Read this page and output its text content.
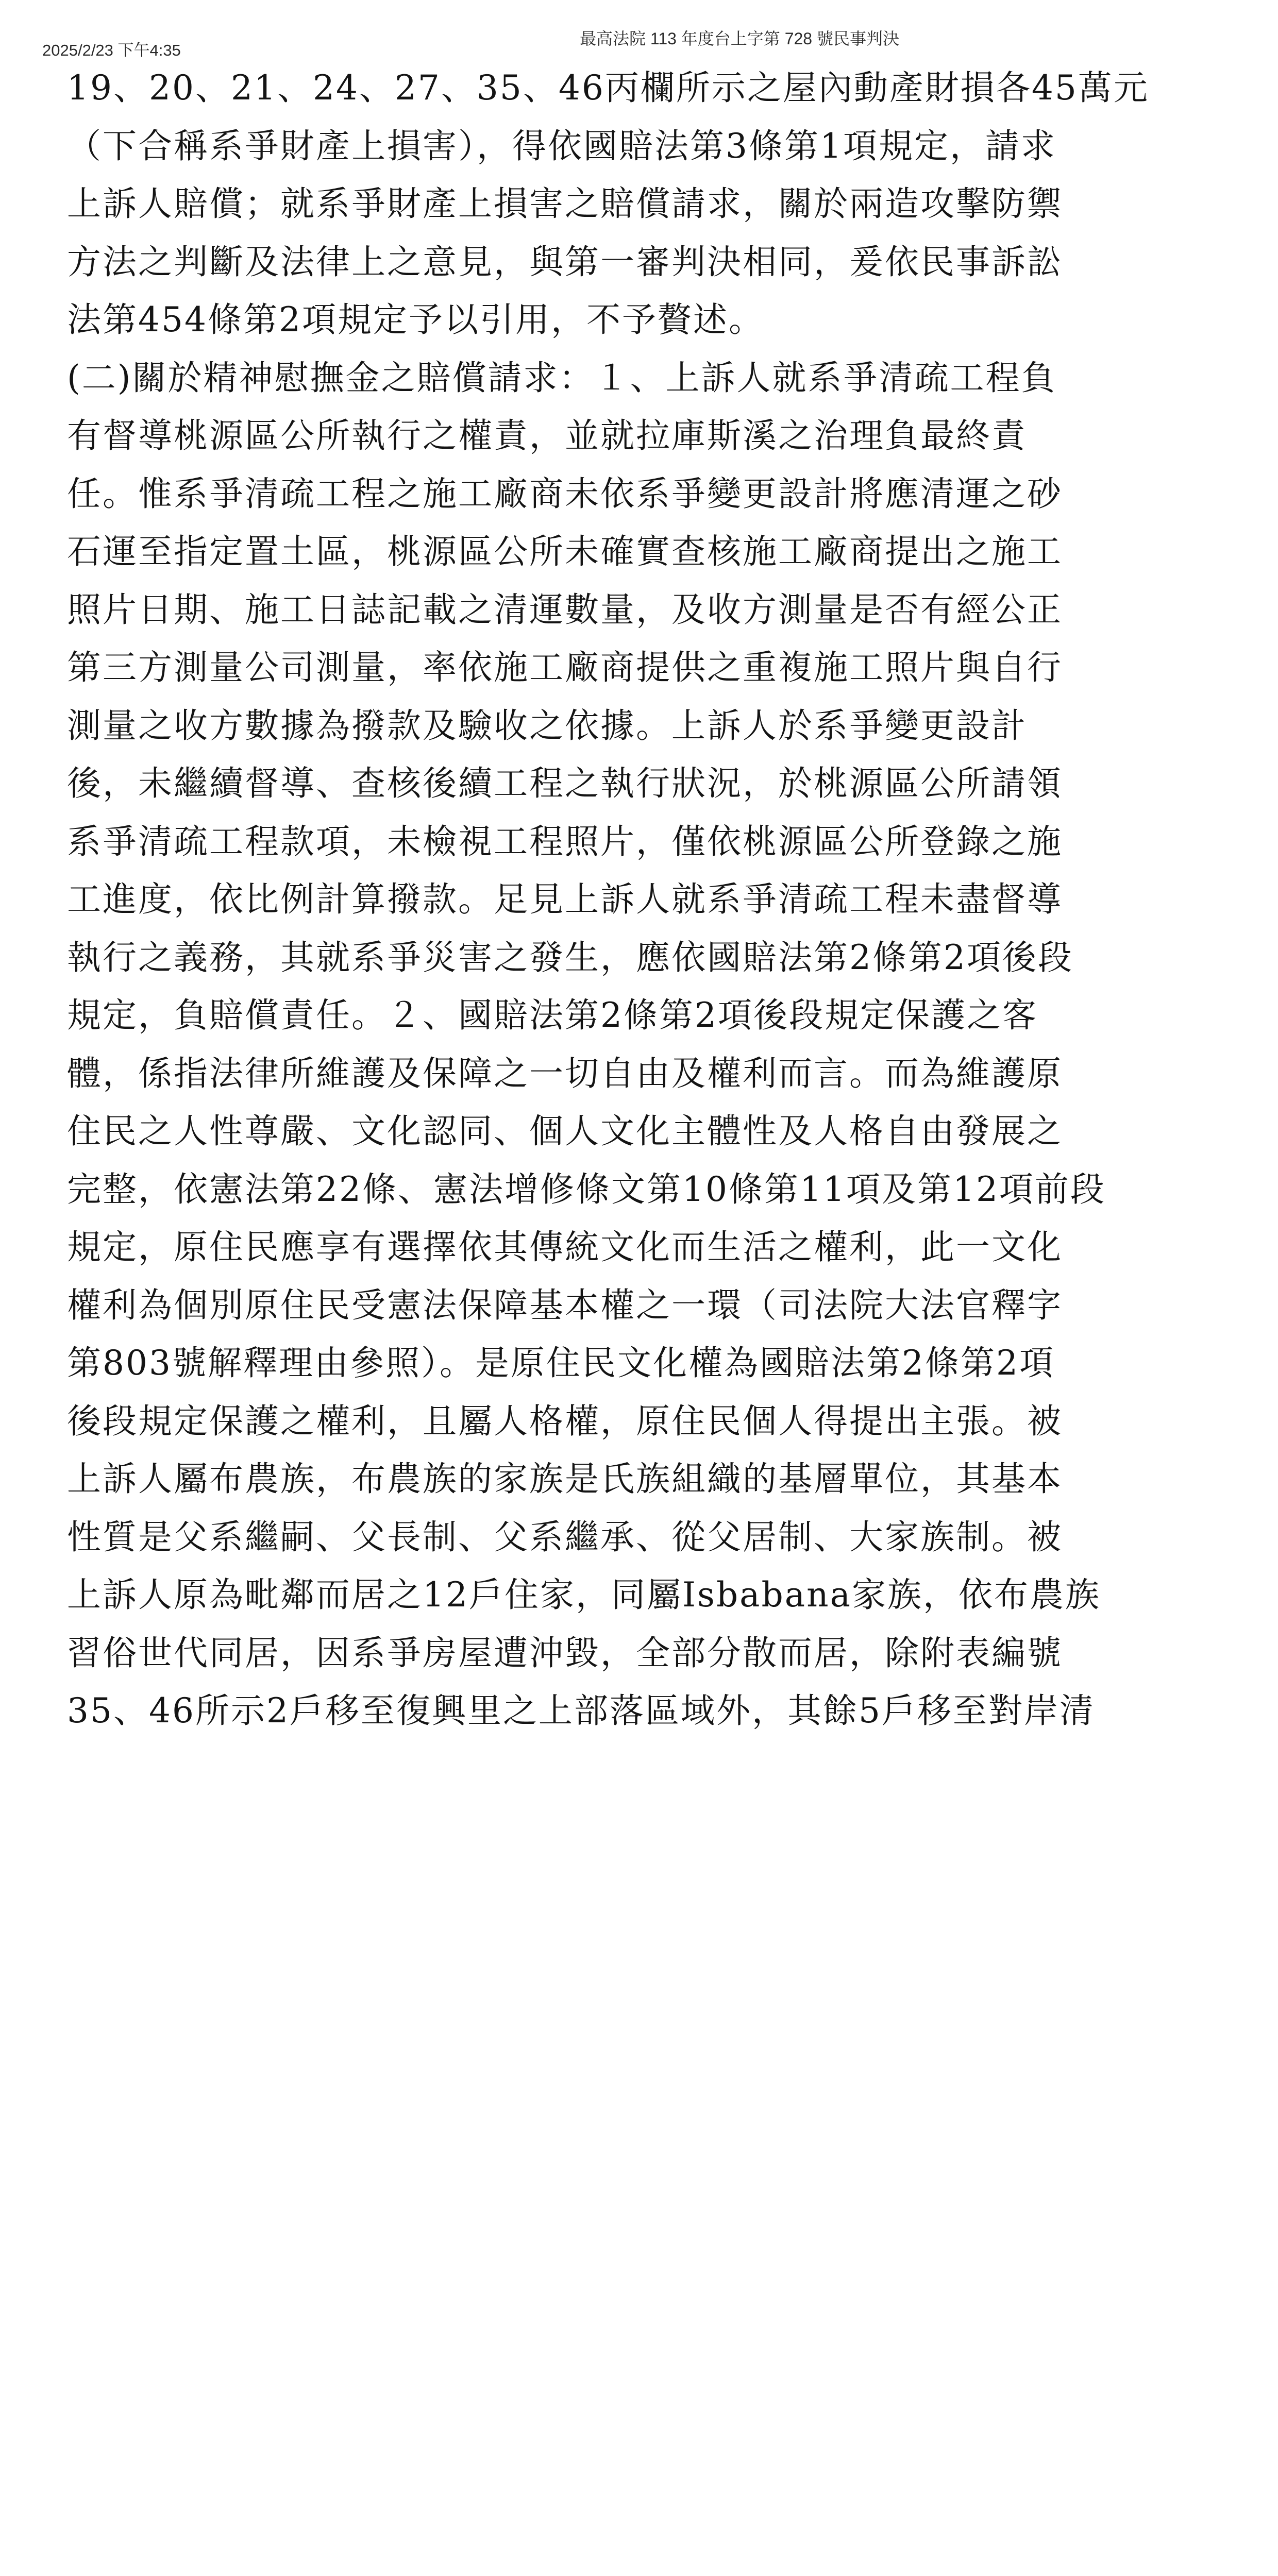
2025/2/23 下午4:35
最高法院 113 年度台上字第 728 號民事判決
19、20、21、24、27、35、46丙欄所示之屋內動產財損各45萬元
（下合稱系爭財產上損害），得依國賠法第3條第1項規定，請求
上訴人賠償；就系爭財產上損害之賠償請求，關於兩造攻擊防禦
方法之判斷及法律上之意見，與第一審判決相同，爰依民事訴訟
法第454條第2項規定予以引用，不予贅述。
(二)關於精神慰撫金之賠償請求：１、上訴人就系爭清疏工程負
有督導桃源區公所執行之權責，並就拉庫斯溪之治理負最終責
任。惟系爭清疏工程之施工廠商未依系爭變更設計將應清運之砂
石運至指定置土區，桃源區公所未確實查核施工廠商提出之施工
照片日期、施工日誌記載之清運數量，及收方測量是否有經公正
第三方測量公司測量，率依施工廠商提供之重複施工照片與自行
測量之收方數據為撥款及驗收之依據。上訴人於系爭變更設計
後，未繼續督導、查核後續工程之執行狀況，於桃源區公所請領
系爭清疏工程款項，未檢視工程照片，僅依桃源區公所登錄之施
工進度，依比例計算撥款。足見上訴人就系爭清疏工程未盡督導
執行之義務，其就系爭災害之發生，應依國賠法第2條第2項後段
規定，負賠償責任。２、國賠法第2條第2項後段規定保護之客
體，係指法律所維護及保障之一切自由及權利而言。而為維護原
住民之人性尊嚴、文化認同、個人文化主體性及人格自由發展之
完整，依憲法第22條、憲法增修條文第10條第11項及第12項前段
規定，原住民應享有選擇依其傳統文化而生活之權利，此一文化
權利為個別原住民受憲法保障基本權之一環（司法院大法官釋字
第803號解釋理由參照）。是原住民文化權為國賠法第2條第2項
後段規定保護之權利，且屬人格權，原住民個人得提出主張。被
上訴人屬布農族，布農族的家族是氏族組織的基層單位，其基本
性質是父系繼嗣、父長制、父系繼承、從父居制、大家族制。被
上訴人原為毗鄰而居之12戶住家，同屬Isbabana家族，依布農族
習俗世代同居，因系爭房屋遭沖毀，全部分散而居，除附表編號
35、46所示2戶移至復興里之上部落區域外，其餘5戶移至對岸清
